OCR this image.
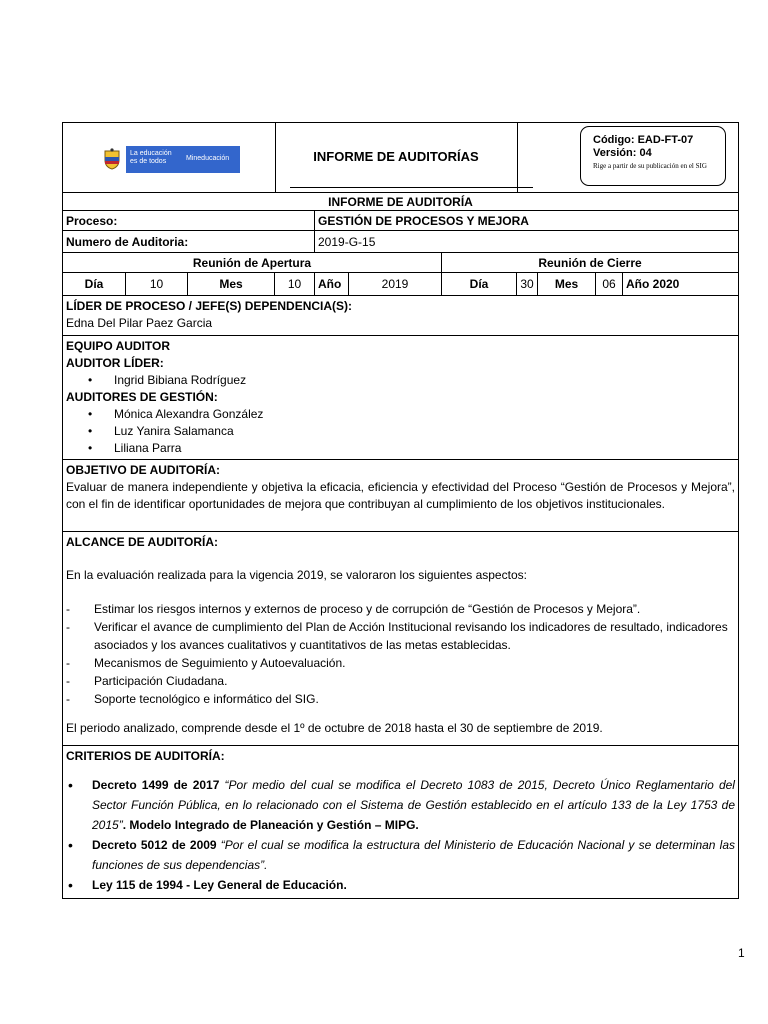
La educación
es de todos	Mineducación	INFORME DE AUDITORÍAS
Código: EAD-FT-07
Versión: 04
Rige a partir de su publicación en el SIG
INFORME DE AUDITORÍA
Proceso:	GESTIÓN DE PROCESOS Y MEJORA
Numero de Auditoria:	2019-G-15
Reunión de Apertura	Reunión de Cierre
Día	10	Mes	10	Año	2019	Día	30	Mes	06 Año 2020
LÍDER DE PROCESO / JEFE(S) DEPENDENCIA(S):
Edna Del Pilar Paez Garcia
EQUIPO AUDITOR
AUDITOR LÍDER:
• Ingrid Bibiana Rodríguez
AUDITORES DE GESTIÓN:
• Mónica Alexandra González
• Luz Yanira Salamanca
• Liliana Parra
OBJETIVO DE AUDITORÍA:
Evaluar de manera independiente y objetiva la eficacia, eficiencia y efectividad del Proceso “Gestión de Procesos y Mejora”, con el fin de identificar oportunidades de mejora que contribuyan al cumplimiento de los objetivos institucionales.
ALCANCE DE AUDITORÍA:
En la evaluación realizada para la vigencia 2019, se valoraron los siguientes aspectos:
- Estimar los riesgos internos y externos de proceso y de corrupción de “Gestión de Procesos y Mejora”.
- Verificar el avance de cumplimiento del Plan de Acción Institucional revisando los indicadores de resultado, indicadores asociados y los avances cualitativos y cuantitativos de las metas establecidas.
- Mecanismos de Seguimiento y Autoevaluación.
- Participación Ciudadana.
- Soporte tecnológico e informático del SIG.
El periodo analizado, comprende desde el 1º de octubre de 2018 hasta el 30 de septiembre de 2019.
CRITERIOS DE AUDITORÍA:
• Decreto 1499 de 2017 “Por medio del cual se modifica el Decreto 1083 de 2015, Decreto Único Reglamentario del Sector Función Pública, en lo relacionado con el Sistema de Gestión establecido en el artículo 133 de la Ley 1753 de 2015”. Modelo Integrado de Planeación y Gestión – MIPG.
• Decreto 5012 de 2009 “Por el cual se modifica la estructura del Ministerio de Educación Nacional y se determinan las funciones de sus dependencias”.
• Ley 115 de 1994 - Ley General de Educación.
1
